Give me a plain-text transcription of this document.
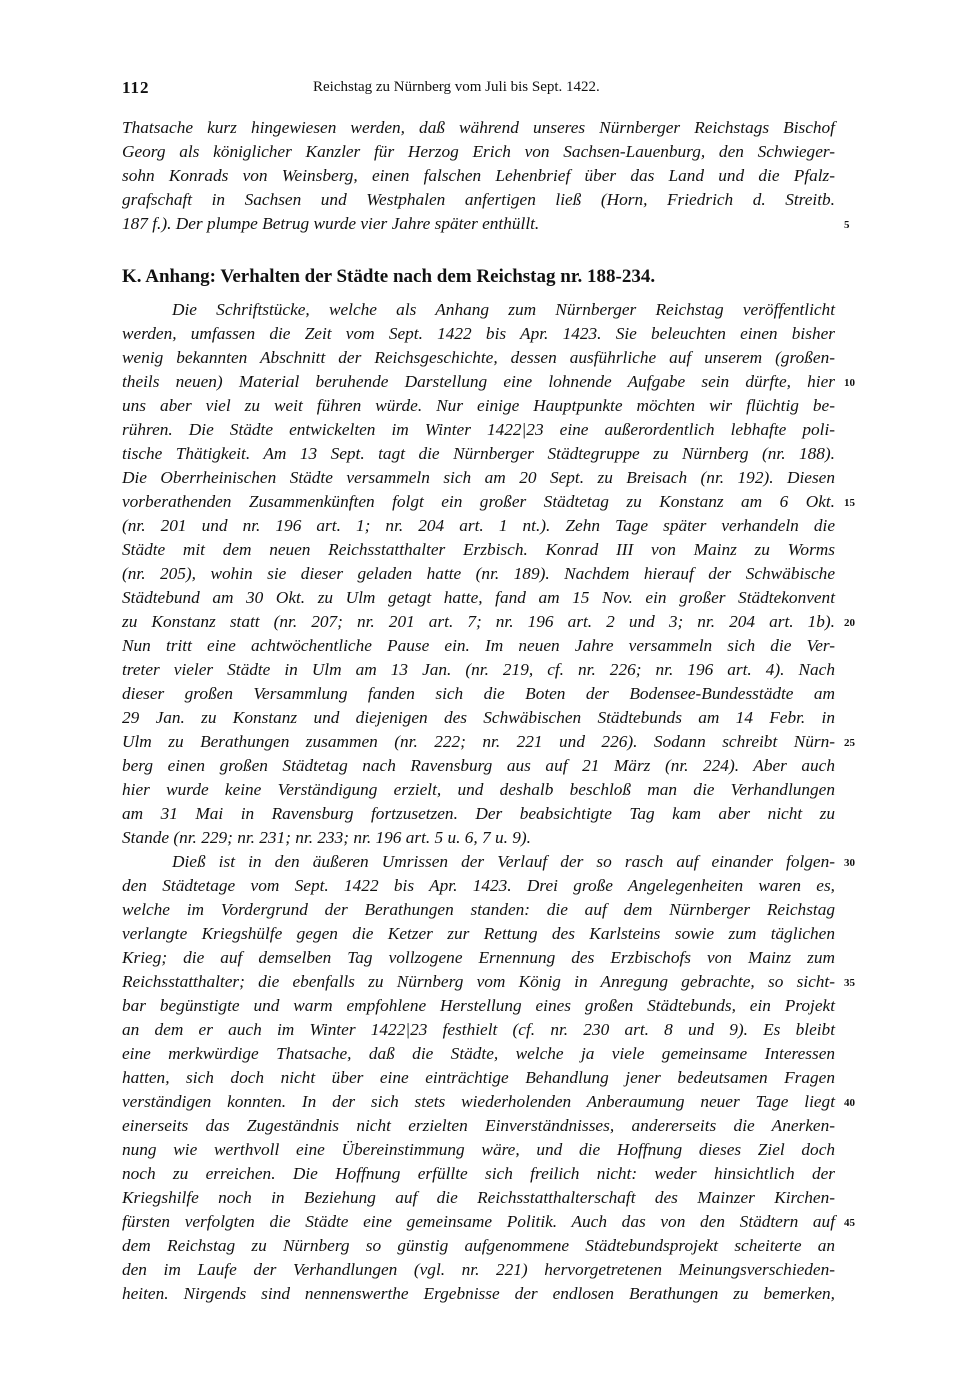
112	Reichstag zu Nürnberg vom Juli bis Sept. 1422.

Thatsache kurz hingewiesen werden, daß während unseres Nürnberger Reichstags Bischof

Georg als königlicher Kanzler für Herzog Erich von Sachsen-Lauenburg, den Schwieger-

sohn Konrads von Weinsberg, einen falschen Lehenbrief über das Land und die Pfalz-

grafschaft in Sachsen und Westphalen anfertigen ließ (Horn, Friedrich d. Streitb.

187 f.). Der plumpe Betrug wurde vier Jahre später enthüllt.

K. Anhang: Verhalten der Städte nach dem Reichstag nr. 188-234.

Die Schriftstücke, welche als Anhang zum Nürnberger Reichstag veröffentlicht

werden, umfassen die Zeit vom Sept. 1422 bis Apr. 1423. Sie beleuchten einen bisher

wenig bekannten Abschnitt der Reichsgeschichte, dessen ausführliche auf unserem (großen-

theils neuen) Material beruhende Darstellung eine lohnende Aufgabe sein dürfte, hier

uns aber viel zu weit führen würde. Nur einige Hauptpunkte möchten wir flüchtig be-

rühren. Die Städte entwickelten im Winter 1422|23 eine außerordentlich lebhafte poli-

tische Thätigkeit. Am 13 Sept. tagt die Nürnberger Städtegruppe zu Nürnberg (nr. 188).

Die Oberrheinischen Städte versammeln sich am 20 Sept. zu Breisach (nr. 192). Diesen

vorberathenden Zusammenkünften folgt ein großer Städtetag zu Konstanz am 6 Okt.

(nr. 201 und nr. 196 art. 1; nr. 204 art. 1 nt.). Zehn Tage später verhandeln die

Städte mit dem neuen Reichsstatthalter Erzbisch. Konrad III von Mainz zu Worms

(nr. 205), wohin sie dieser geladen hatte (nr. 189). Nachdem hierauf der Schwäbische

Städtebund am 30 Okt. zu Ulm getagt hatte, fand am 15 Nov. ein großer Städtekonvent

zu Konstanz statt (nr. 207; nr. 201 art. 7; nr. 196 art. 2 und 3; nr. 204 art. 1b).

Nun tritt eine achtwöchentliche Pause ein. Im neuen Jahre versammeln sich die Ver-

treter vieler Städte in Ulm am 13 Jan. (nr. 219, cf. nr. 226; nr. 196 art. 4). Nach

dieser großen Versammlung fanden sich die Boten der Bodensee-Bundesstädte am

29 Jan. zu Konstanz und diejenigen des Schwäbischen Städtebunds am 14 Febr. in

Ulm zu Berathungen zusammen (nr. 222; nr. 221 und 226). Sodann schreibt Nürn-

berg einen großen Städtetag nach Ravensburg aus auf 21 März (nr. 224). Aber auch

hier wurde keine Verständigung erzielt, und deshalb beschloß man die Verhandlungen

am 31 Mai in Ravensburg fortzusetzen. Der beabsichtigte Tag kam aber nicht zu

Stande (nr. 229; nr. 231; nr. 233; nr. 196 art. 5 u. 6, 7 u. 9).

Dieß ist in den äußeren Umrissen der Verlauf der so rasch auf einander folgen-

den Städtetage vom Sept. 1422 bis Apr. 1423. Drei große Angelegenheiten waren es,

welche im Vordergrund der Berathungen standen: die auf dem Nürnberger Reichstag

verlangte Kriegshülfe gegen die Ketzer zur Rettung des Karlsteins sowie zum täglichen

Krieg; die auf demselben Tag vollzogene Ernennung des Erzbischofs von Mainz zum

Reichsstatthalter; die ebenfalls zu Nürnberg vom König in Anregung gebrachte, so sicht-

bar begünstigte und warm empfohlene Herstellung eines großen Städtebunds, ein Projekt

an dem er auch im Winter 1422|23 festhielt (cf. nr. 230 art. 8 und 9). Es bleibt

eine merkwürdige Thatsache, daß die Städte, welche ja viele gemeinsame Interessen

hatten, sich doch nicht über eine einträchtige Behandlung jener bedeutsamen Fragen

verständigen konnten. In der sich stets wiederholenden Anberaumung neuer Tage liegt

einerseits das Zugeständnis nicht erzielten Einverständnisses, andererseits die Anerken-

nung wie werthvoll eine Übereinstimmung wäre, und die Hoffnung dieses Ziel doch

noch zu erreichen. Die Hoffnung erfüllte sich freilich nicht: weder hinsichtlich der

Kriegshilfe noch in Beziehung auf die Reichsstatthalterschaft des Mainzer Kirchen-

fürsten verfolgten die Städte eine gemeinsame Politik. Auch das von den Städtern auf

dem Reichstag zu Nürnberg so günstig aufgenommene Städtebundsprojekt scheiterte an

den im Laufe der Verhandlungen (vgl. nr. 221) hervorgetretenen Meinungsverschieden-

heiten. Nirgends sind nennenswerthe Ergebnisse der endlosen Berathungen zu bemerken,

5
10
15
20
25
30
35
40
45
